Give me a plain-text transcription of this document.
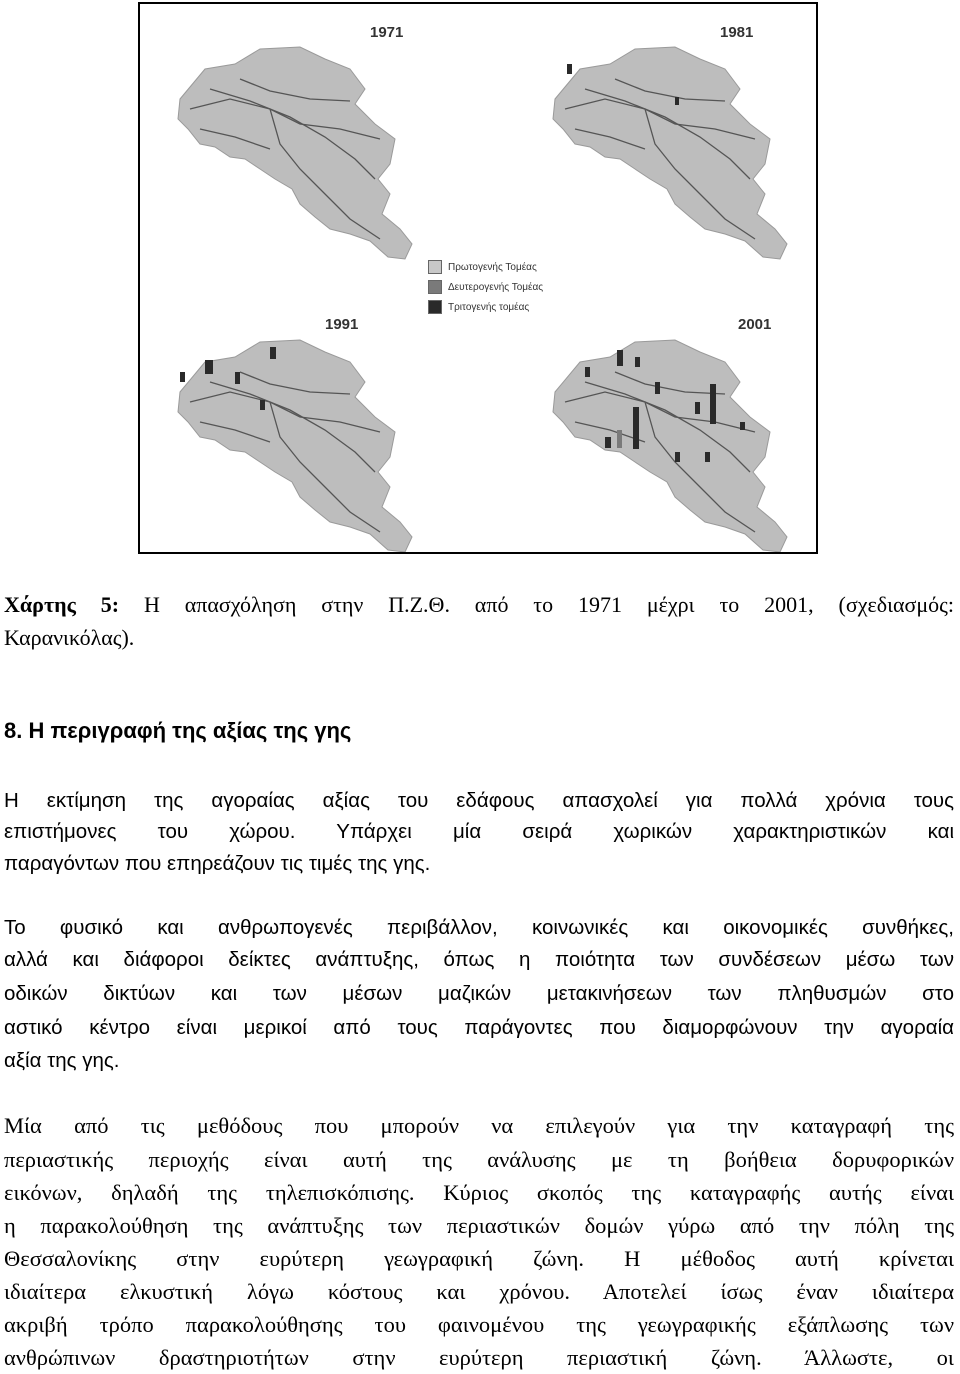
1971	1981
1991	2001
Πρωτογενής Τομέας
Δευτερογενής Τομέας
Τριτογενής τομέας
Χάρτης 5: Η απασχόληση στην Π.Ζ.Θ. από το 1971 μέχρι το 2001, (σχεδιασμός:
Καρανικόλας).
8. Η περιγραφή της αξίας της γης
Η εκτίμηση της αγοραίας αξίας του εδάφους απασχολεί για πολλά χρόνια τους
επιστήμονες του χώρου. Υπάρχει μία σειρά χωρικών χαρακτηριστικών και
παραγόντων που επηρεάζουν τις τιμές της γης.
Το φυσικό και ανθρωπογενές περιβάλλον, κοινωνικές και οικονομικές συνθήκες,
αλλά και διάφοροι δείκτες ανάπτυξης, όπως η ποιότητα των συνδέσεων μέσω των
οδικών δικτύων και των μέσων μαζικών μετακινήσεων των πληθυσμών στο
αστικό κέντρο είναι μερικοί από τους παράγοντες που διαμορφώνουν την αγοραία
αξία της γης.
Μία από τις μεθόδους που μπορούν να επιλεγούν για την καταγραφή της
περιαστικής περιοχής είναι αυτή της ανάλυσης με τη βοήθεια δορυφορικών
εικόνων, δηλαδή της τηλεπισκόπισης. Κύριος σκοπός της καταγραφής αυτής είναι
η παρακολούθηση της ανάπτυξης των περιαστικών δομών γύρω από την πόλη της
Θεσσαλονίκης στην ευρύτερη γεωγραφική ζώνη. Η μέθοδος αυτή κρίνεται
ιδιαίτερα ελκυστική λόγω κόστους και χρόνου. Αποτελεί ίσως έναν ιδιαίτερα
ακριβή τρόπο παρακολούθησης του φαινομένου της γεωγραφικής εξάπλωσης των
ανθρώπινων δραστηριοτήτων στην ευρύτερη περιαστική ζώνη. Άλλωστε, οι
